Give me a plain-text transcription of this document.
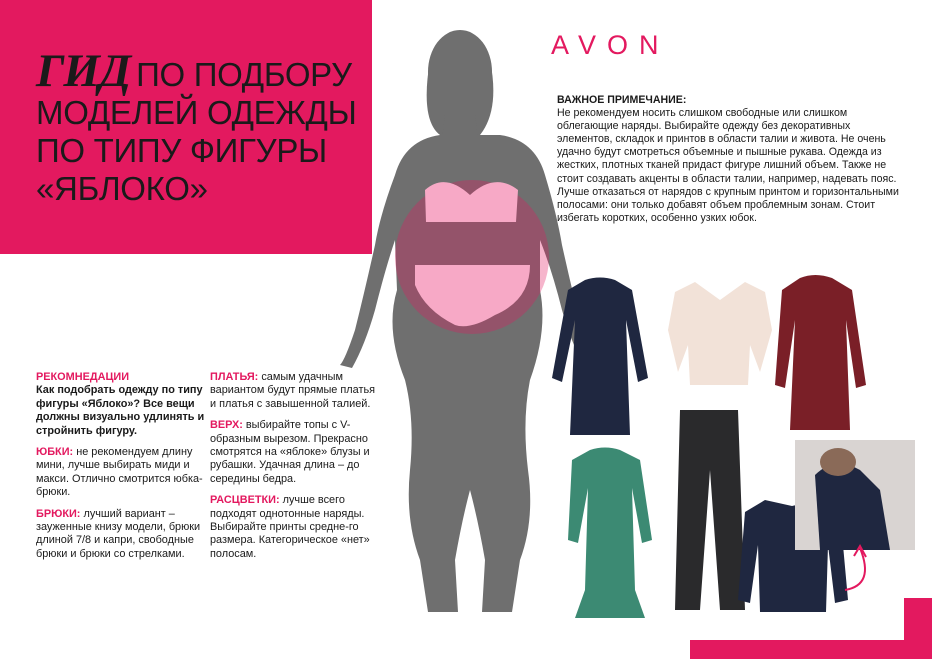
ГИД ПО ПОДБОРУ
МОДЕЛЕЙ ОДЕЖДЫ
ПО ТИПУ ФИГУРЫ
«ЯБЛОКО»
AVON
ВАЖНОЕ ПРИМЕЧАНИЕ:
Не рекомендуем носить слишком свободные или слишком облегающие наряды. Выбирайте одежду без декоративных элементов, складок и принтов в области талии и живота. Не очень удачно будут смотреться объемные и пышные рукава. Одежда из жестких, плотных тканей придаст фигуре лишний объем. Также не стоит создавать акценты в области талии, например, надевать пояс. Лучше отказаться от нарядов с крупным принтом и горизонтальными полосами: они только добавят объем проблемным зонам. Стоит избегать коротких, особенно узких юбок.
РЕКОМНЕДАЦИИ

Как подобрать одежду по типу фигуры «Яблоко»? Все вещи должны визуально удлинять и стройнить фигуру.

ЮБКИ: не рекомендуем длину мини, лучше выбирать миди и макси. Отлично смотрится юбка-брюки.

БРЮКИ: лучший вариант – зауженные книзу модели, брюки длиной 7/8 и капри, свободные брюки и брюки со стрелками.

ПЛАТЬЯ: самым удачным вариантом будут прямые платья и платья с завышенной талией.

ВЕРХ: выбирайте топы с V-образным вырезом. Прекрасно смотрятся на «яблоке» блузы и рубашки. Удачная длина – до середины бедра.

РАСЦВЕТКИ: лучше всего подходят однотонные наряды. Выбирайте принты средне-го размера. Категорическое «нет» полосам.
